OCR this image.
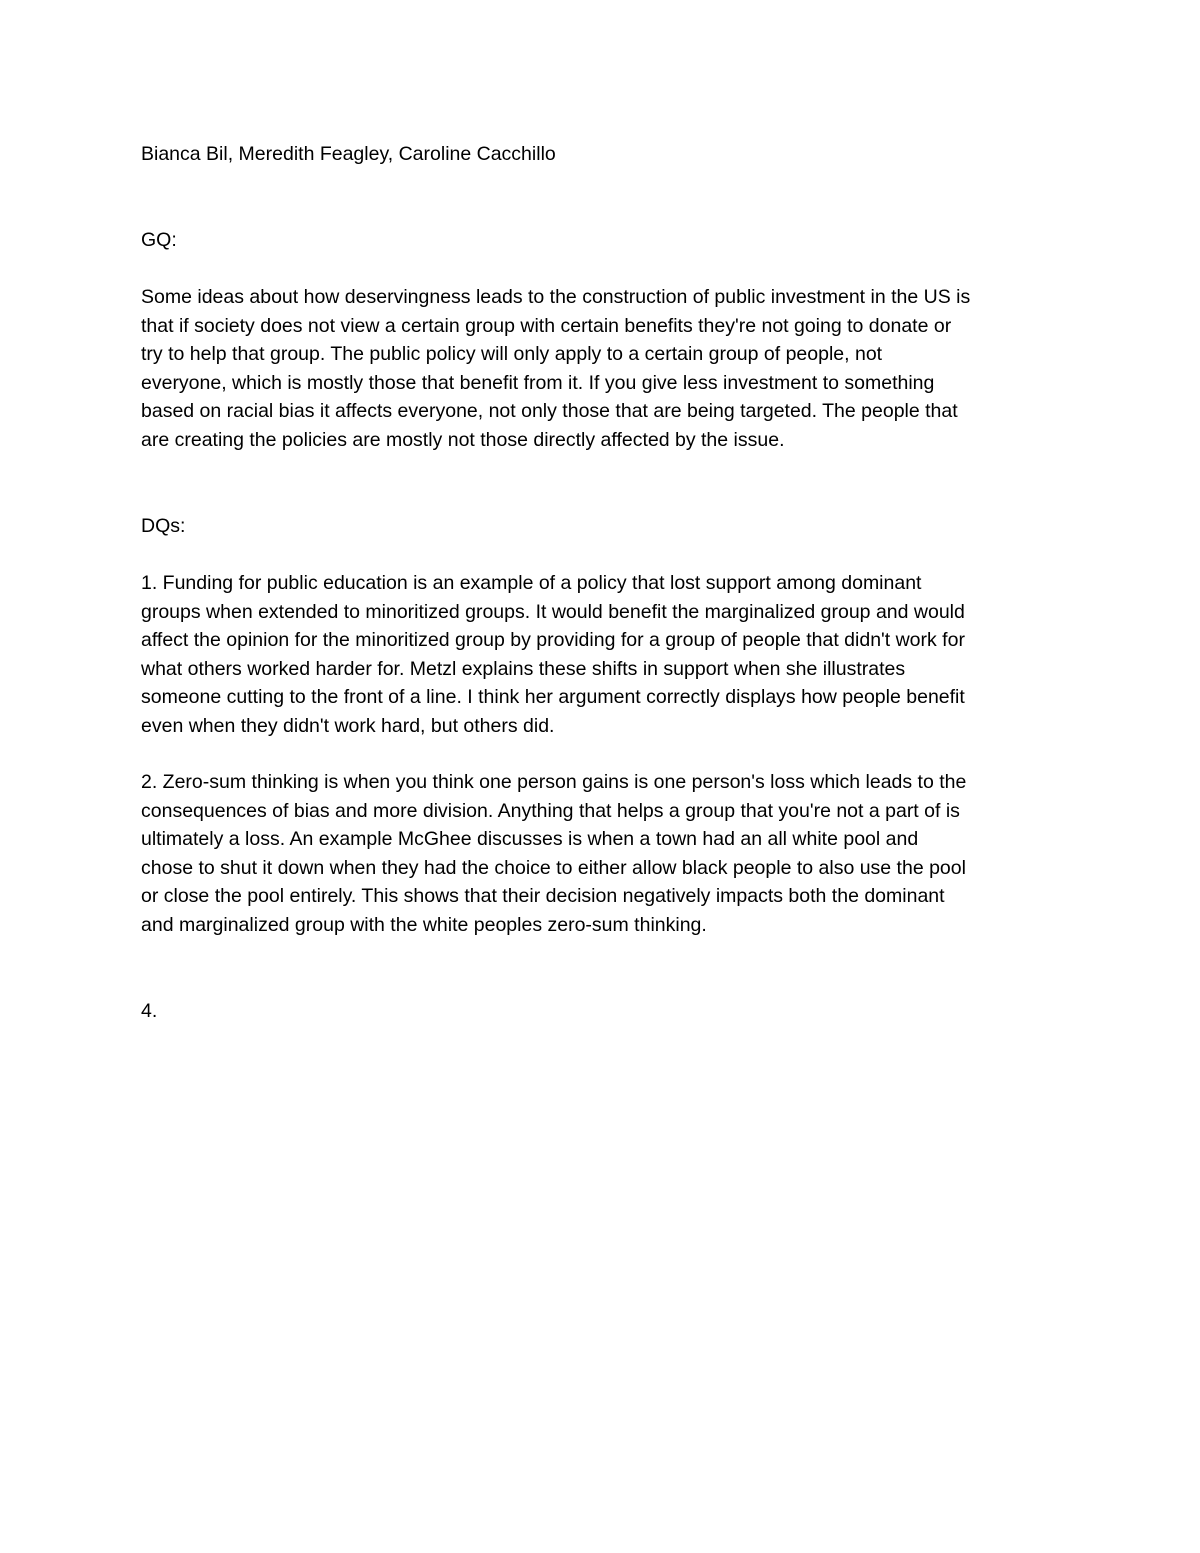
Bianca Bil, Meredith Feagley, Caroline Cacchillo

GQ:

Some ideas about how deservingness leads to the construction of public investment in the US is
that if society does not view a certain group with certain benefits they're not going to donate or
try to help that group. The public policy will only apply to a certain group of people, not
everyone, which is mostly those that benefit from it. If you give less investment to something
based on racial bias it affects everyone, not only those that are being targeted. The people that
are creating the policies are mostly not those directly affected by the issue.

DQs:

1. Funding for public education is an example of a policy that lost support among dominant
groups when extended to minoritized groups. It would benefit the marginalized group and would
affect the opinion for the minoritized group by providing for a group of people that didn't work for
what others worked harder for. Metzl explains these shifts in support when she illustrates
someone cutting to the front of a line. I think her argument correctly displays how people benefit
even when they didn't work hard, but others did.
2. Zero-sum thinking is when you think one person gains is one person's loss which leads to the
consequences of bias and more division. Anything that helps a group that you're not a part of is
ultimately a loss. An example McGhee discusses is when a town had an all white pool and
chose to shut it down when they had the choice to either allow black people to also use the pool
or close the pool entirely. This shows that their decision negatively impacts both the dominant
and marginalized group with the white peoples zero-sum thinking.

4.
